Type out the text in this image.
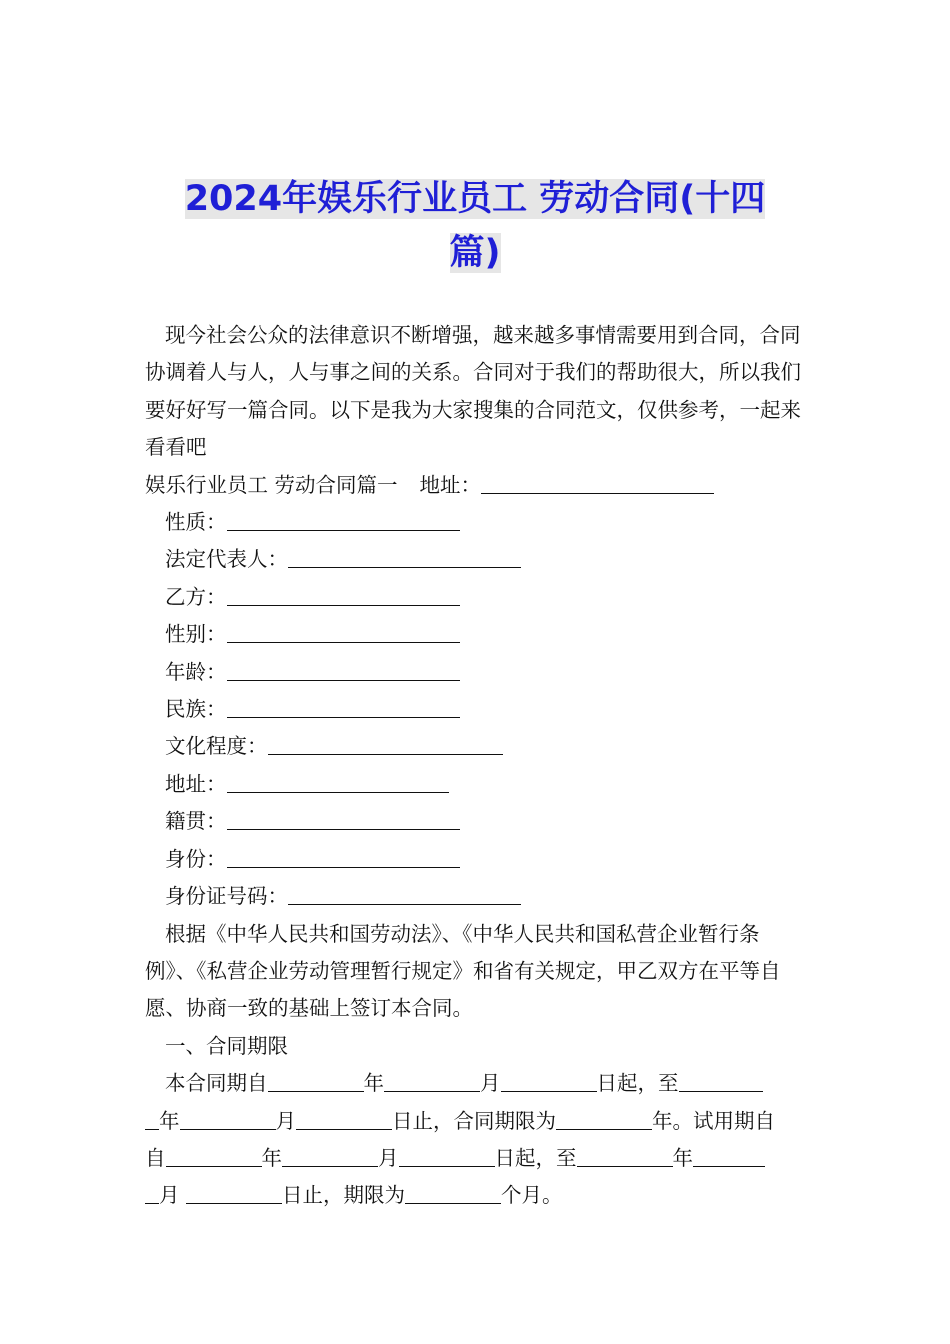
2024年娱乐行业员工 劳动合同(十四
篇)

现今社会公众的法律意识不断增强，越来越多事情需要用到合同，合同协调着人与人，人与事之间的关系。合同对于我们的帮助很大，所以我们要好好写一篇合同。以下是我为大家搜集的合同范文，仅供参考，一起来看看吧

娱乐行业员工 劳动合同篇一 地址：

性质：

法定代表人：

乙方：

性别：

年龄：

民族：

文化程度：

地址：

籍贯：

身份：

身份证号码：

根据《中华人民共和国劳动法》、《中华人民共和国私营企业暂行条例》、《私营企业劳动管理暂行规定》和省有关规定，甲乙双方在平等自愿、协商一致的基础上签订本合同。

一、合同期限

本合同期自	年	月	日起，至

年	月	日止，合同期限为	年。试用期自

自	年	月	日起，至	年

月	日止，期限为	个月。
